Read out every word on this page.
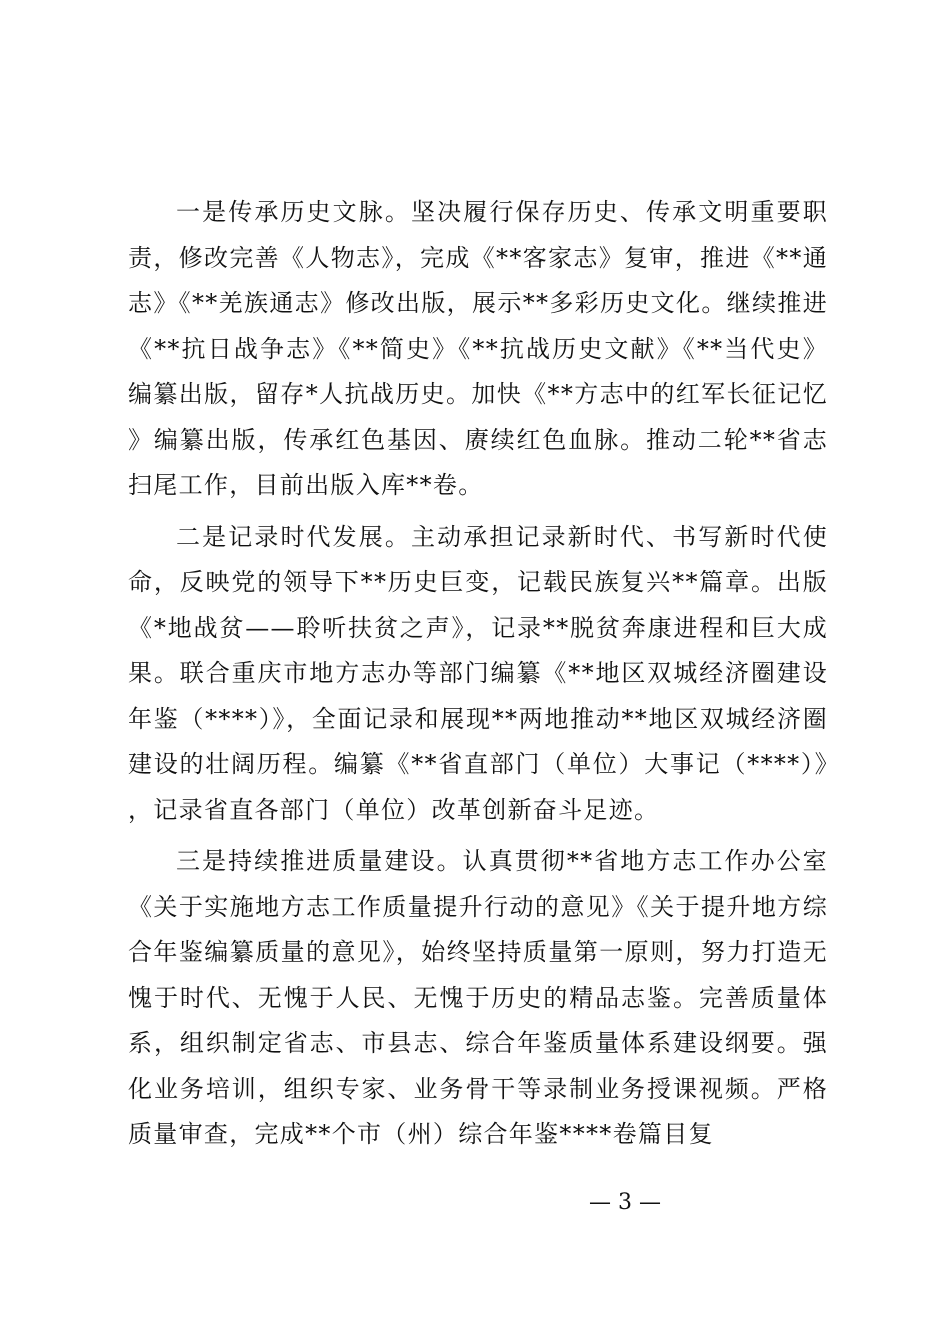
一是传承历史文脉。坚决履行保存历史、传承文明重要职责，修改完善《人物志》，完成《**客家志》复审，推进《**通志》《**羌族通志》修改出版，展示**多彩历史文化。继续推进《**抗日战争志》《**简史》《**抗战历史文献》《**当代史》编纂出版，留存*人抗战历史。加快《**方志中的红军长征记忆》编纂出版，传承红色基因、赓续红色血脉。推动二轮**省志扫尾工作，目前出版入库**卷。

二是记录时代发展。主动承担记录新时代、书写新时代使命，反映党的领导下**历史巨变，记载民族复兴**篇章。出版《*地战贫——聆听扶贫之声》，记录**脱贫奔康进程和巨大成果。联合重庆市地方志办等部门编纂《**地区双城经济圈建设年鉴（****）》，全面记录和展现**两地推动**地区双城经济圈建设的壮阔历程。编纂《**省直部门（单位）大事记（****）》，记录省直各部门（单位）改革创新奋斗足迹。

三是持续推进质量建设。认真贯彻**省地方志工作办公室《关于实施地方志工作质量提升行动的意见》《关于提升地方综合年鉴编纂质量的意见》，始终坚持质量第一原则，努力打造无愧于时代、无愧于人民、无愧于历史的精品志鉴。完善质量体系，组织制定省志、市县志、综合年鉴质量体系建设纲要。强化业务培训，组织专家、业务骨干等录制业务授课视频。严格质量审查，完成**个市（州）综合年鉴****卷篇目复

— 3 —
